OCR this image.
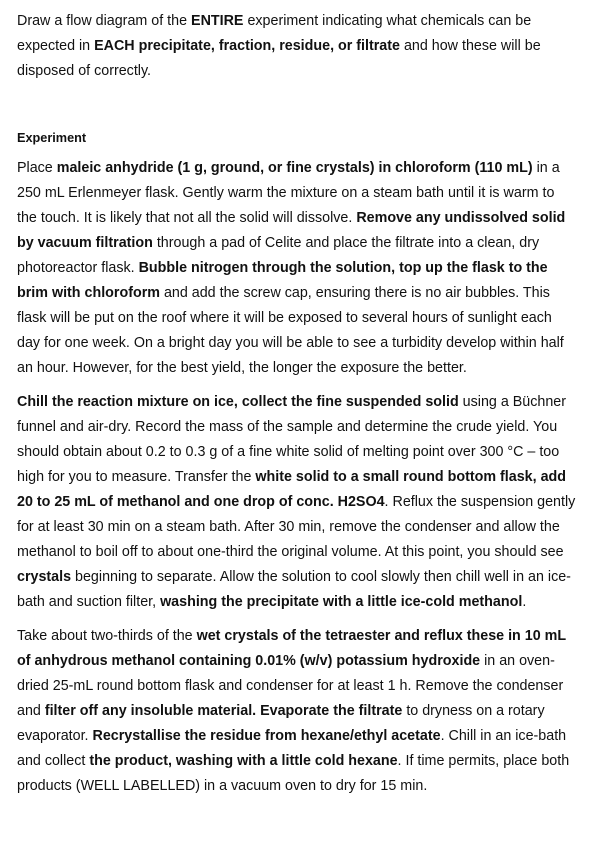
Draw a flow diagram of the ENTIRE experiment indicating what chemicals can be expected in EACH precipitate, fraction, residue, or filtrate and how these will be disposed of correctly.

Experiment

Place maleic anhydride (1 g, ground, or fine crystals) in chloroform (110 mL) in a 250 mL Erlenmeyer flask. Gently warm the mixture on a steam bath until it is warm to the touch. It is likely that not all the solid will dissolve. Remove any undissolved solid by vacuum filtration through a pad of Celite and place the filtrate into a clean, dry photoreactor flask. Bubble nitrogen through the solution, top up the flask to the brim with chloroform and add the screw cap, ensuring there is no air bubbles. This flask will be put on the roof where it will be exposed to several hours of sunlight each day for one week. On a bright day you will be able to see a turbidity develop within half an hour. However, for the best yield, the longer the exposure the better.

Chill the reaction mixture on ice, collect the fine suspended solid using a Büchner funnel and air-dry. Record the mass of the sample and determine the crude yield. You should obtain about 0.2 to 0.3 g of a fine white solid of melting point over 300 °C – too high for you to measure. Transfer the white solid to a small round bottom flask, add 20 to 25 mL of methanol and one drop of conc. H2SO4. Reflux the suspension gently for at least 30 min on a steam bath. After 30 min, remove the condenser and allow the methanol to boil off to about one-third the original volume. At this point, you should see crystals beginning to separate. Allow the solution to cool slowly then chill well in an ice-bath and suction filter, washing the precipitate with a little ice-cold methanol.

Take about two-thirds of the wet crystals of the tetraester and reflux these in 10 mL of anhydrous methanol containing 0.01% (w/v) potassium hydroxide in an oven-dried 25-mL round bottom flask and condenser for at least 1 h. Remove the condenser and filter off any insoluble material. Evaporate the filtrate to dryness on a rotary evaporator. Recrystallise the residue from hexane/ethyl acetate. Chill in an ice-bath and collect the product, washing with a little cold hexane. If time permits, place both products (WELL LABELLED) in a vacuum oven to dry for 15 min.
